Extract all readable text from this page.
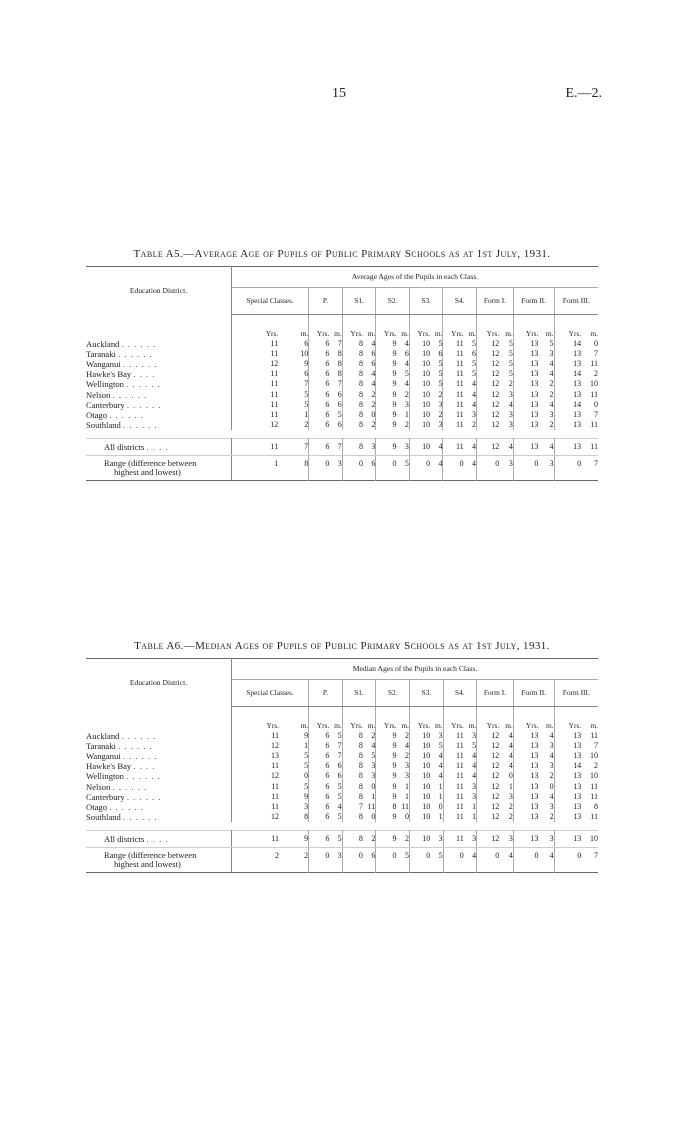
15	E.—2.
Table A5.—Average Age of Pupils of Public Primary Schools as at 1st July, 1931.
Education District.	Average Ages of the Pupils in each Class.																	
	Special Classes.		P.		S1.		S2.		S3.		S4.		Form I.		Form II.		Form III.	
	Yrs.	m.	Yrs.	m.	Yrs.	m.	Yrs.	m.	Yrs.	m.	Yrs.	m.	Yrs.	m.	Yrs.	m.	Yrs.	m.
Auckland . . . . . .	11	6	6	7	8	4	9	4	10	5	11	5	12	5	13	5	14	0
Taranaki . . . . . .	11	10	6	8	8	6	9	6	10	6	11	6	12	5	13	3	13	7
Wanganui . . . . . .	12	9	6	8	8	6	9	4	10	5	11	5	12	5	13	4	13	11
Hawke's Bay . . . .	11	6	6	8	8	4	9	5	10	5	11	5	12	5	13	4	14	2
Wellington . . . . . .	11	7	6	7	8	4	9	4	10	5	11	4	12	2	13	2	13	10
Nelson . . . . . .	11	5	6	6	8	2	9	2	10	2	11	4	12	3	13	2	13	11
Canterbury . . . . . .	11	5	6	6	8	2	9	3	10	3	11	4	12	4	13	4	14	0
Otago . . . . . .	11	1	6	5	8	0	9	1	10	2	11	3	12	3	13	3	13	7
Southland . . . . . .	12	2	6	6	8	2	9	2	10	3	11	2	12	3	13	2	13	11

All districts . . . .	11	7	6	7	8	3	9	3	10	4	11	4	12	4	13	4	13	11

Range (difference between
highest and lowest)	1	8	0	3	0	6	0	5	0	4	0	4	0	3	0	3	0	7
Table A6.—Median Ages of Pupils of Public Primary Schools as at 1st July, 1931.
Education District.	Median Ages of the Pupils in each Class.																	
	Special Classes.		P.		S1.		S2.		S3.		S4.		Form I.		Form II.		Form III.	
	Yrs.	m.	Yrs.	m.	Yrs.	m.	Yrs.	m.	Yrs.	m.	Yrs.	m.	Yrs.	m.	Yrs.	m.	Yrs.	m.
Auckland . . . . . .	11	9	6	5	8	2	9	2	10	3	11	3	12	4	13	4	13	11
Taranaki . . . . . .	12	1	6	7	8	4	9	4	10	5	11	5	12	4	13	3	13	7
Wanganui . . . . . .	13	5	6	7	8	5	9	2	10	4	11	4	12	4	13	4	13	10
Hawke's Bay . . . .	11	5	6	6	8	3	9	3	10	4	11	4	12	4	13	3	14	2
Wellington . . . . . .	12	0	6	6	8	3	9	3	10	4	11	4	12	0	13	2	13	10
Nelson . . . . . .	11	5	6	5	8	0	9	1	10	1	11	3	12	1	13	0	13	11
Canterbury . . . . . .	11	9	6	5	8	1	9	1	10	1	11	3	12	3	13	4	13	11
Otago . . . . . .	11	3	6	4	7	11	8	11	10	0	11	1	12	2	13	3	13	8
Southland . . . . . .	12	8	6	5	8	0	9	0	10	1	11	1	12	2	13	2	13	11

All districts . . . .	11	9	6	5	8	2	9	2	10	3	11	3	12	3	13	3	13	10

Range (difference between
highest and lowest)	2	2	0	3	0	6	0	5	0	5	0	4	0	4	0	4	0	7
